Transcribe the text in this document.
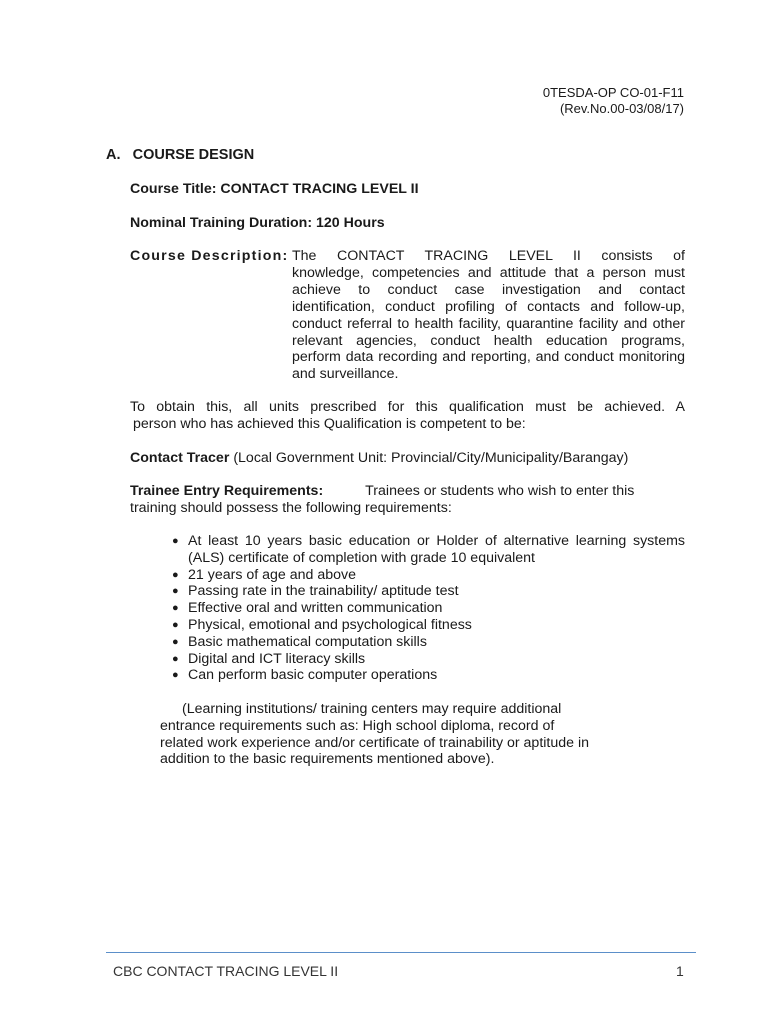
0TESDA-OP CO-01-F11
(Rev.No.00-03/08/17)
A. COURSE DESIGN
Course Title: CONTACT TRACING LEVEL II
Nominal Training Duration: 120 Hours
Course Description: The CONTACT TRACING LEVEL II consists of
knowledge, competencies and attitude that a person must achieve to conduct case investigation and contact identification, conduct profiling of contacts and follow-up, conduct referral to health facility, quarantine facility and other relevant agencies, conduct health education programs, perform data recording and reporting, and conduct monitoring and surveillance.
To obtain this, all units prescribed for this qualification must be achieved. A
person who has achieved this Qualification is competent to be:
Contact Tracer (Local Government Unit: Provincial/City/Municipality/Barangay)
Trainee Entry Requirements:	Trainees or students who wish to enter this
training should possess the following requirements:
● At least 10 years basic education or Holder of alternative learning systems (ALS) certificate of completion with grade 10 equivalent
● 21 years of age and above
● Passing rate in the trainability/ aptitude test
● Effective oral and written communication
● Physical, emotional and psychological fitness
● Basic mathematical computation skills
● Digital and ICT literacy skills
● Can perform basic computer operations
(Learning institutions/ training centers may require additional
entrance requirements such as: High school diploma, record of
related work experience and/or certificate of trainability or aptitude in
addition to the basic requirements mentioned above).
CBC CONTACT TRACING LEVEL II	1
